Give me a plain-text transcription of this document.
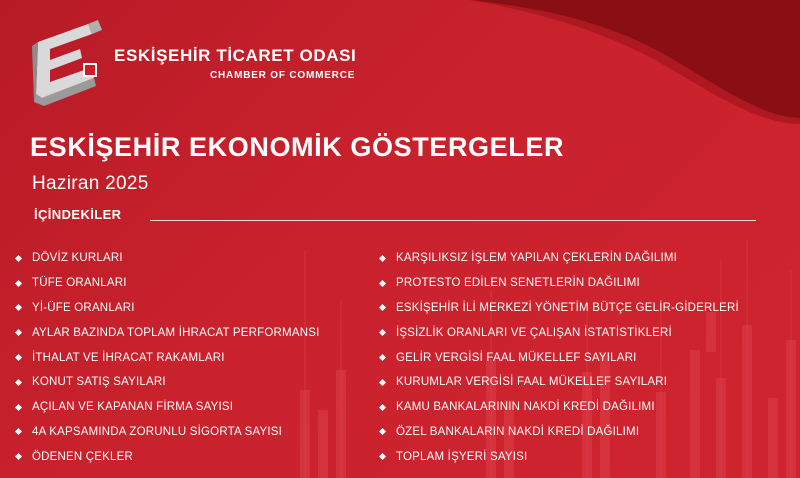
ESKİŞEHİR TİCARET ODASI
CHAMBER OF COMMERCE
ESKİŞEHİR EKONOMİK GÖSTERGELER
Haziran 2025
İÇİNDEKİLER
DÖVİZ KURLARI
TÜFE ORANLARI
Yİ-ÜFE ORANLARI
AYLAR BAZINDA TOPLAM İHRACAT PERFORMANSI
İTHALAT VE İHRACAT RAKAMLARI
KONUT SATIŞ SAYILARI
AÇILAN VE KAPANAN FİRMA SAYISI
4A KAPSAMINDA ZORUNLU SİGORTA SAYISI
ÖDENEN ÇEKLER
KARŞILIKSIZ İŞLEM YAPILAN ÇEKLERİN DAĞILIMI
PROTESTO EDİLEN SENETLERİN DAĞILIMI
ESKİŞEHİR İLİ MERKEZİ YÖNETİM BÜTÇE GELİR-GİDERLERİ
İŞSİZLİK ORANLARI VE ÇALIŞAN İSTATİSTİKLERİ
GELİR VERGİSİ FAAL MÜKELLEF SAYILARI
KURUMLAR VERGİSİ FAAL MÜKELLEF SAYILARI
KAMU BANKALARININ NAKDİ KREDİ DAĞILIMI
ÖZEL BANKALARIN NAKDİ KREDİ DAĞILIMI
TOPLAM İŞYERİ SAYISI
